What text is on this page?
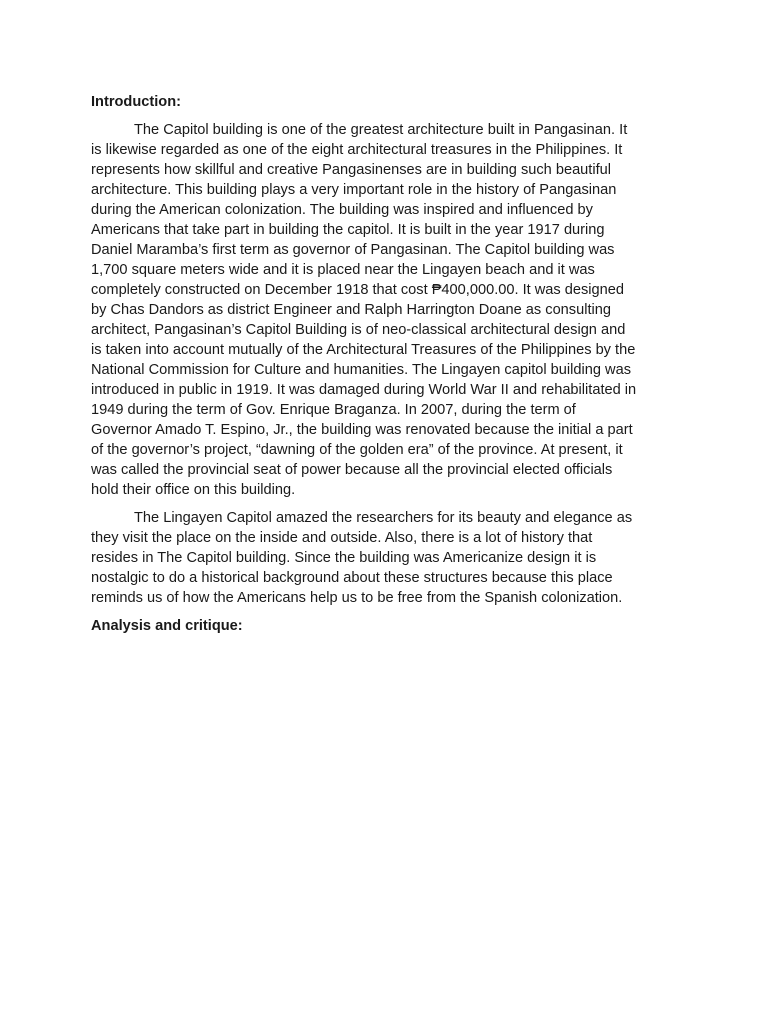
Introduction:
The Capitol building is one of the greatest architecture built in Pangasinan. It
is likewise regarded as one of the eight architectural treasures in the Philippines. It
represents how skillful and creative Pangasinenses are in building such beautiful
architecture. This building plays a very important role in the history of Pangasinan
during the American colonization. The building was inspired and influenced by
Americans that take part in building the capitol. It is built in the year 1917 during
Daniel Maramba’s first term as governor of Pangasinan. The Capitol building was
1,700 square meters wide and it is placed near the Lingayen beach and it was
completely constructed on December 1918 that cost ₱400,000.00. It was designed
by Chas Dandors as district Engineer and Ralph Harrington Doane as consulting
architect, Pangasinan’s Capitol Building is of neo-classical architectural design and
is taken into account mutually of the Architectural Treasures of the Philippines by the
National Commission for Culture and humanities. The Lingayen capitol building was
introduced in public in 1919. It was damaged during World War II and rehabilitated in
1949 during the term of Gov. Enrique Braganza. In 2007, during the term of
Governor Amado T. Espino, Jr., the building was renovated because the initial a part
of the governor’s project, “dawning of the golden era” of the province. At present, it
was called the provincial seat of power because all the provincial elected officials
hold their office on this building.
The Lingayen Capitol amazed the researchers for its beauty and elegance as
they visit the place on the inside and outside. Also, there is a lot of history that
resides in The Capitol building. Since the building was Americanize design it is
nostalgic to do a historical background about these structures because this place
reminds us of how the Americans help us to be free from the Spanish colonization.
Analysis and critique:
